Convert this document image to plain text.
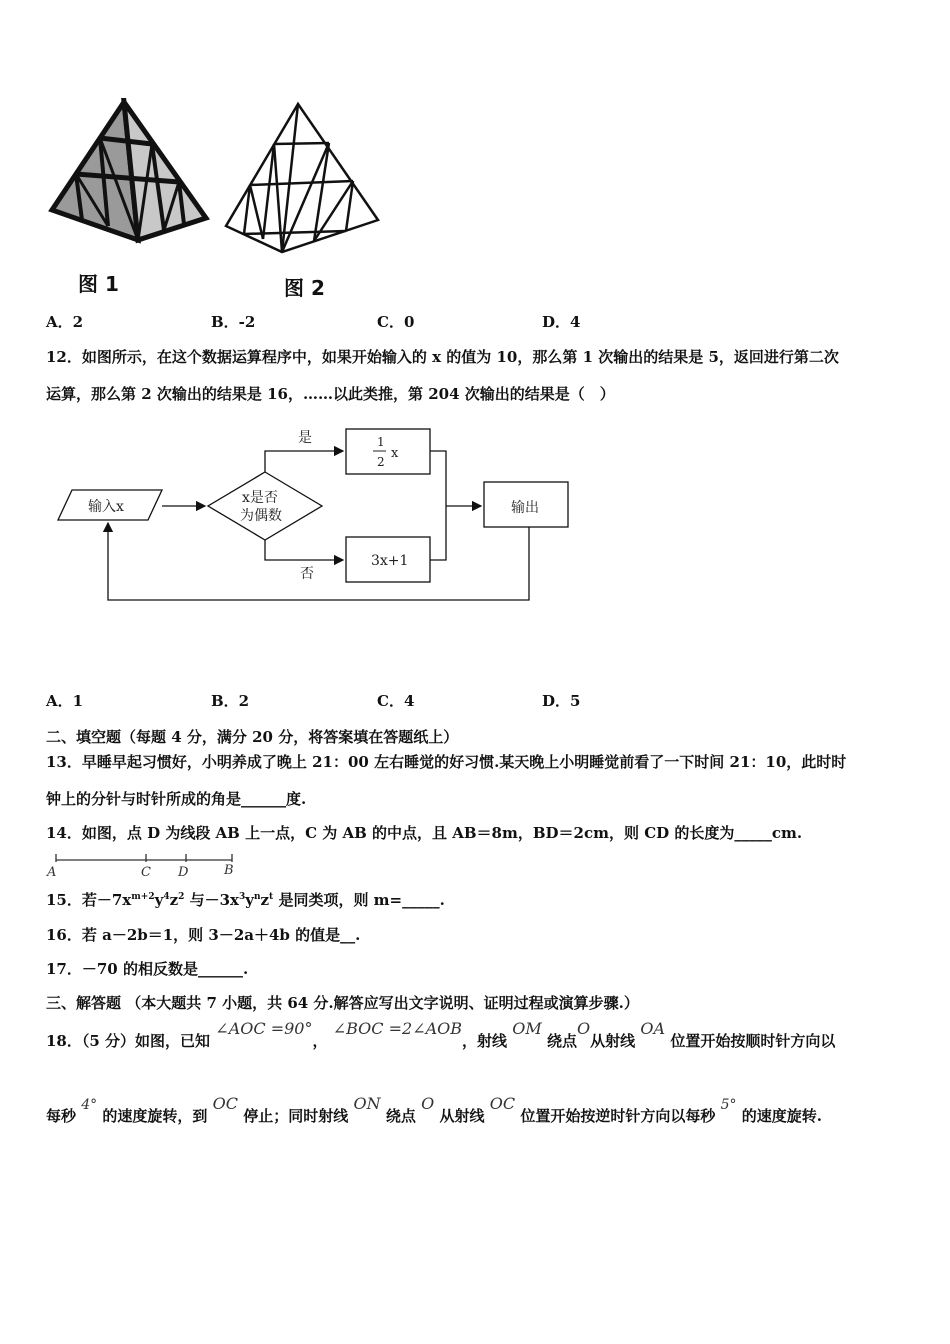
图 1	图 2
A．2	B．-2	C．0	D．4
12．如图所示，在这个数据运算程序中，如果开始输入的 x 的值为 10，那么第 1 次输出的结果是 5，返回进行第二次
运算，那么第 2 次输出的结果是 16，……以此类推，第 204 次输出的结果是（　）
输入x
x是否
为偶数
是
否
1
2
x
3x+1
输出
A．1	B．2	C．4	D．5
二、填空题（每题 4 分，满分 20 分，将答案填在答题纸上）
13．早睡早起习惯好，小明养成了晚上 21：00 左右睡觉的好习惯.某天晚上小明睡觉前看了一下时间 21：10，此时时
钟上的分针与时针所成的角是______度.
14．如图，点 D 为线段 AB 上一点，C 为 AB 的中点，且 AB＝8m，BD＝2cm，则 CD 的长度为_____cm.
A	C D	B
15．若$-7x^{m+2}y^4z^2$ 与$-3x^3y^nz^t$ 是同类项，则 m=_____.
16．若 a－2b＝1，则 3－2a＋4b 的值是__.
17．－70 的相反数是______.
三、解答题 （本大题共 7 小题，共 64 分.解答应写出文字说明、证明过程或演算步骤.）
18．（5 分）如图，已知 ∠AOC =90°， ∠BOC =2∠AOB，射线 OM 绕点O从射线 OA 位置开始按顺时针方向以
每秒 4° 的速度旋转，到 OC 停止；同时射线 ON 绕点 O 从射线 OC 位置开始按逆时针方向以每秒 5° 的速度旋转.
